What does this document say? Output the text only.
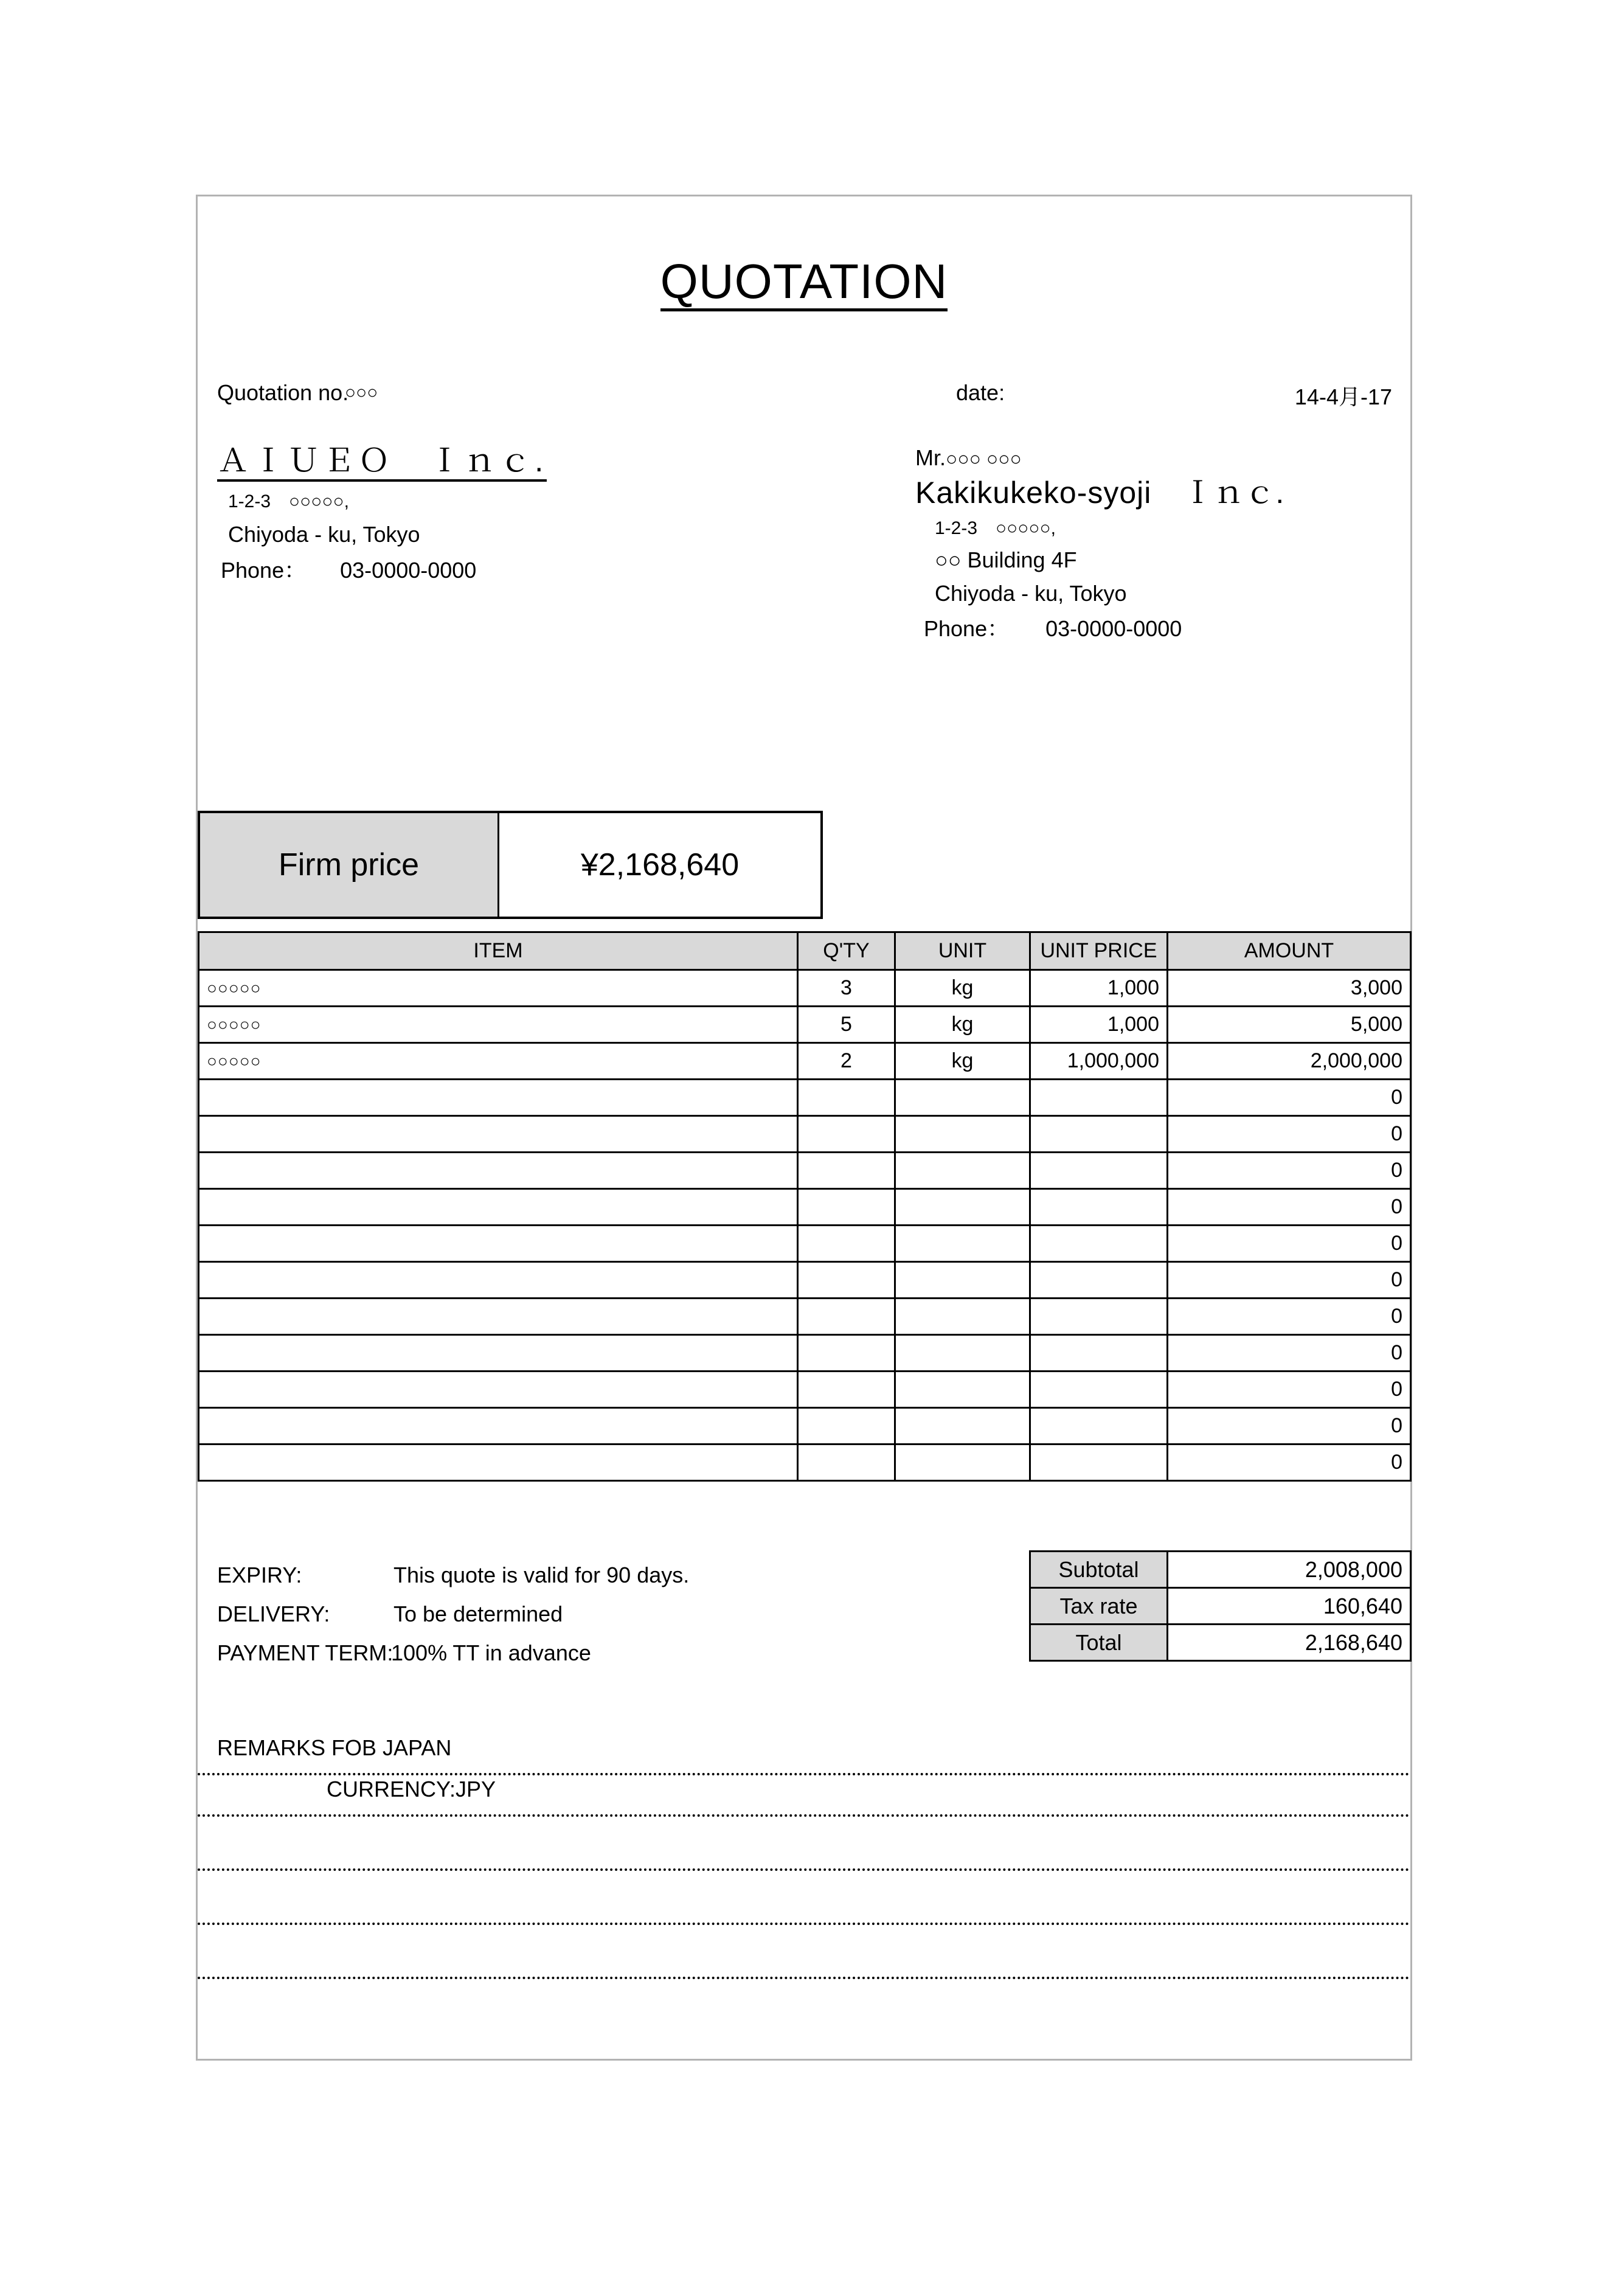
QUOTATION
Quotation no.
○○○	date:	14-4月-17
ＡＩＵＥＯ　Ｉｎｃ.
1-2-3　○○○○○,
Chiyoda - ku, Tokyo
Phone： 03-0000-0000
Mr.○○○ ○○○
Kakikukeko-syoji　Ｉｎｃ.
1-2-3　○○○○○,
○○ Building 4F
Chiyoda - ku, Tokyo
Phone： 03-0000-0000
Firm price	¥2,168,640
ITEM	Q'TY	UNIT	UNIT PRICE	AMOUNT
○○○○○	3	kg	1,000	3,000
○○○○○	5	kg	1,000	5,000
○○○○○	2	kg	1,000,000	2,000,000
				0
				0
				0
				0
				0
				0
				0
				0
				0
				0
				0
Subtotal	2,008,000
Tax rate	160,640
Total	2,168,640
EXPIRY:	This quote is valid for 90 days.
DELIVERY:	To be determined
PAYMENT TERM:
100% TT in advance
REMARKS FOB JAPAN
CURRENCY:JPY
